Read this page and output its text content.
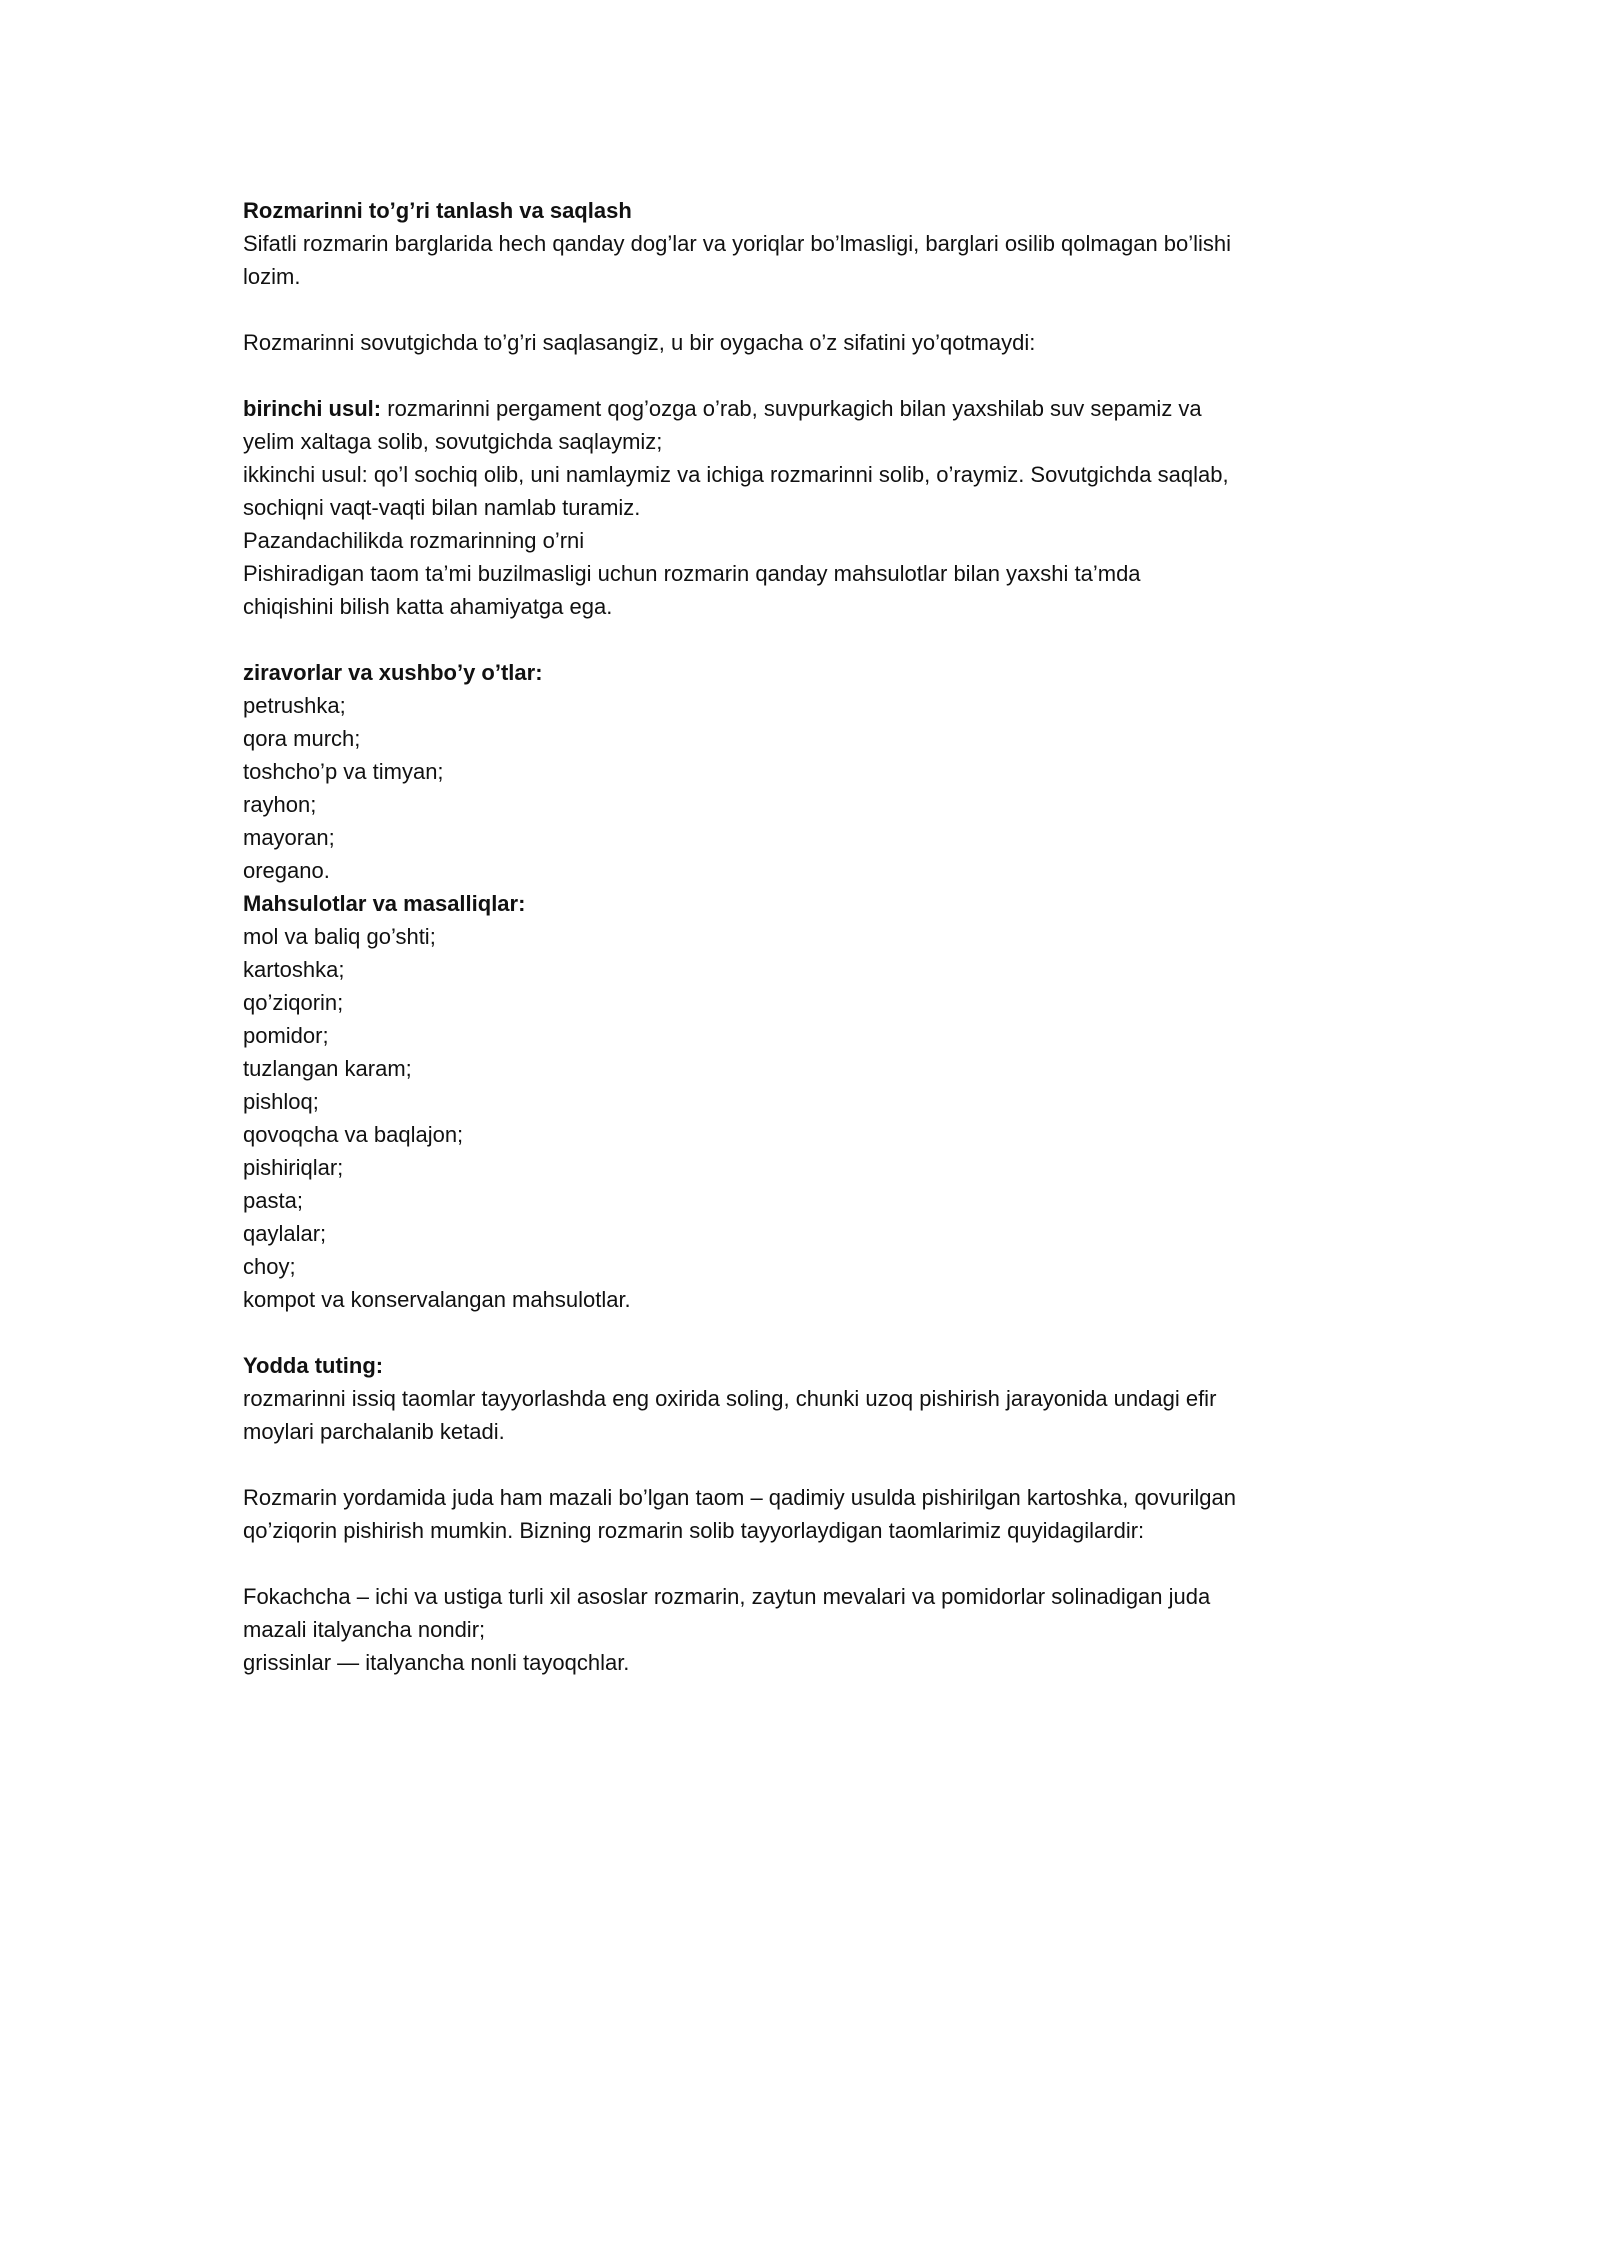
Rozmarinni to’g’ri tanlash va saqlash
Sifatli rozmarin barglarida hech qanday dog’lar va yoriqlar bo’lmasligi, barglari osilib qolmagan bo’lishi
lozim.
Rozmarinni sovutgichda to’g’ri saqlasangiz, u bir oygacha o’z sifatini yo’qotmaydi:
birinchi usul: rozmarinni pergament qog’ozga o’rab, suvpurkagich bilan yaxshilab suv sepamiz va
yelim xaltaga solib, sovutgichda saqlaymiz;
ikkinchi usul: qo’l sochiq olib, uni namlaymiz va ichiga rozmarinni solib, o’raymiz. Sovutgichda saqlab,
sochiqni vaqt-vaqti bilan namlab turamiz.
Pazandachilikda rozmarinning o’rni
Pishiradigan taom ta’mi buzilmasligi uchun rozmarin qanday mahsulotlar bilan yaxshi ta’mda
chiqishini bilish katta ahamiyatga ega.
ziravorlar va xushbo’y o’tlar:
petrushka;
qora murch;
toshcho’p va timyan;
rayhon;
mayoran;
oregano.
Mahsulotlar va masalliqlar:
mol va baliq go’shti;
kartoshka;
qo’ziqorin;
pomidor;
tuzlangan karam;
pishloq;
qovoqcha va baqlajon;
pishiriqlar;
pasta;
qaylalar;
choy;
kompot va konservalangan mahsulotlar.
Yodda tuting:
rozmarinni issiq taomlar tayyorlashda eng oxirida soling, chunki uzoq pishirish jarayonida undagi efir
moylari parchalanib ketadi.
Rozmarin yordamida juda ham mazali bo’lgan taom – qadimiy usulda pishirilgan kartoshka, qovurilgan
qo’ziqorin pishirish mumkin. Bizning rozmarin solib tayyorlaydigan taomlarimiz quyidagilardir:
Fokachcha – ichi va ustiga turli xil asoslar rozmarin, zaytun mevalari va pomidorlar solinadigan juda
mazali italyancha nondir;
grissinlar — italyancha nonli tayoqchlar.
